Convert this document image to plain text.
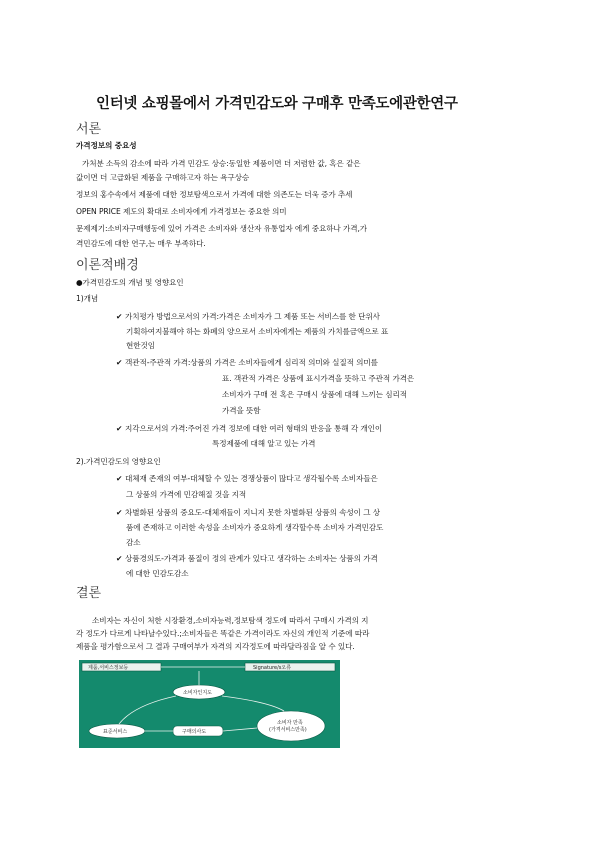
인터넷 쇼핑몰에서 가격민감도와 구매후 만족도에관한연구
서론
가격정보의 중요성
가처분 소득의 감소에 따라 가격 민감도 상승:동일한 제품이면 더 저렴한 값, 혹은 같은
값이면 더 고급화된 제품을 구매하고자 하는 욕구상승
정보의 홍수속에서 제품에 대한 정보탐색으로서 가격에 대한 의존도는 더욱 증가 추세
OPEN PRICE 제도의 확대로 소비자에게 가격정보는 중요한 의미
문제제기:소비자구매행동에 있어 가격은 소비자와 생산자 유통업자 에게 중요하나 가격,가
격민감도에 대한 연구,는 매우 부족하다.
이론적배경
●가격민감도의 개념 및 영향요인
1)개념
✔ 가치평가 방법으로서의 가격:가격은 소비자가 그 제품 또는 서비스를 한 단위사
기획하여지불해야 하는 화폐의 양으로서 소비자에게는 제품의 가치를금액으로 표
현한것임
✔ 객관적-주관적 가격:상품의 가격은 소비자들에게 심리적 의미와 실질적 의미를
표. 객관적 가격은 상품에 표시가격을 뜻하고 주관적 가격은
소비자가 구매 전 혹은 구매시 상품에 대해 느끼는 심리적
가격을 뜻함
✔ 지각으로서의 가격:주어진 가격 정보에 대한 여러 형태의 반응을 통해 각 개인이
특정제품에 대해 알고 있는 가격
2).가격민감도의 영향요인
✔ 대체재 존재의 여부-대체할 수 있는 경쟁상품이 많다고 생각될수록 소비자들은
그 상품의 가격에 민감해질 것을 지적
✔ 차별화된 상품의 중요도-대체재들이 지니지 못한 차별화된 상품의 속성이 그 상
품에 존재하고 이러한 속성을 소비자가 중요하게 생각할수록 소비자 가격민감도
감소
✔ 상품경의도-가격과 품질이 정의 관계가 있다고 생각하는 소비자는 상품의 가격
에 대한 민감도감소
결론
소비자는 자신이 처한 시장환경,소비자능력,정보탐색 정도에 따라서 구매시 가격의 지
각 정도가 다르게 나타날수있다.;소비자들은 똑같은 가격이라도 자신의 개인적 기준에 따라
제품을 평가함으로서 그 결과 구매여부가 자격의 지각정도에 따라달라짐을 알 수 있다.
제품,서비스정보등	Signature/s오류
소비자인지도
표준서비스	구매의사도
소비자 만족
(가격서비스만족)
